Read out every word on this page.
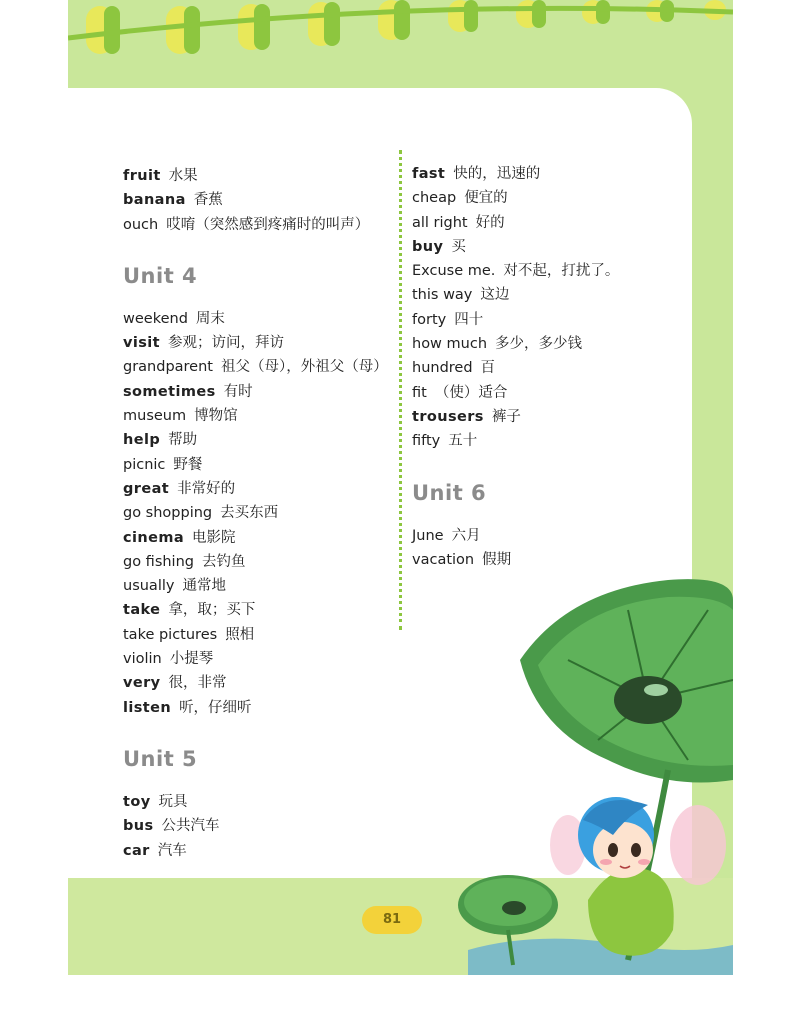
fruit 水果
banana 香蕉
ouch 哎唷（突然感到疼痛时的叫声）
Unit 4
weekend 周末
visit 参观；访问，拜访
grandparent 祖父（母），外祖父（母）
sometimes 有时
museum 博物馆
help 帮助
picnic 野餐
great 非常好的
go shopping 去买东西
cinema 电影院
go fishing 去钓鱼
usually 通常地
take 拿，取；买下
take pictures 照相
violin 小提琴
very 很，非常
listen 听，仔细听
Unit 5
toy 玩具
bus 公共汽车
car 汽车
fast 快的，迅速的
cheap 便宜的
all right 好的
buy 买
Excuse me. 对不起，打扰了。
this way 这边
forty 四十
how much 多少，多少钱
hundred 百
fit （使）适合
trousers 裤子
fifty 五十
Unit 6
June 六月
vacation 假期
81
